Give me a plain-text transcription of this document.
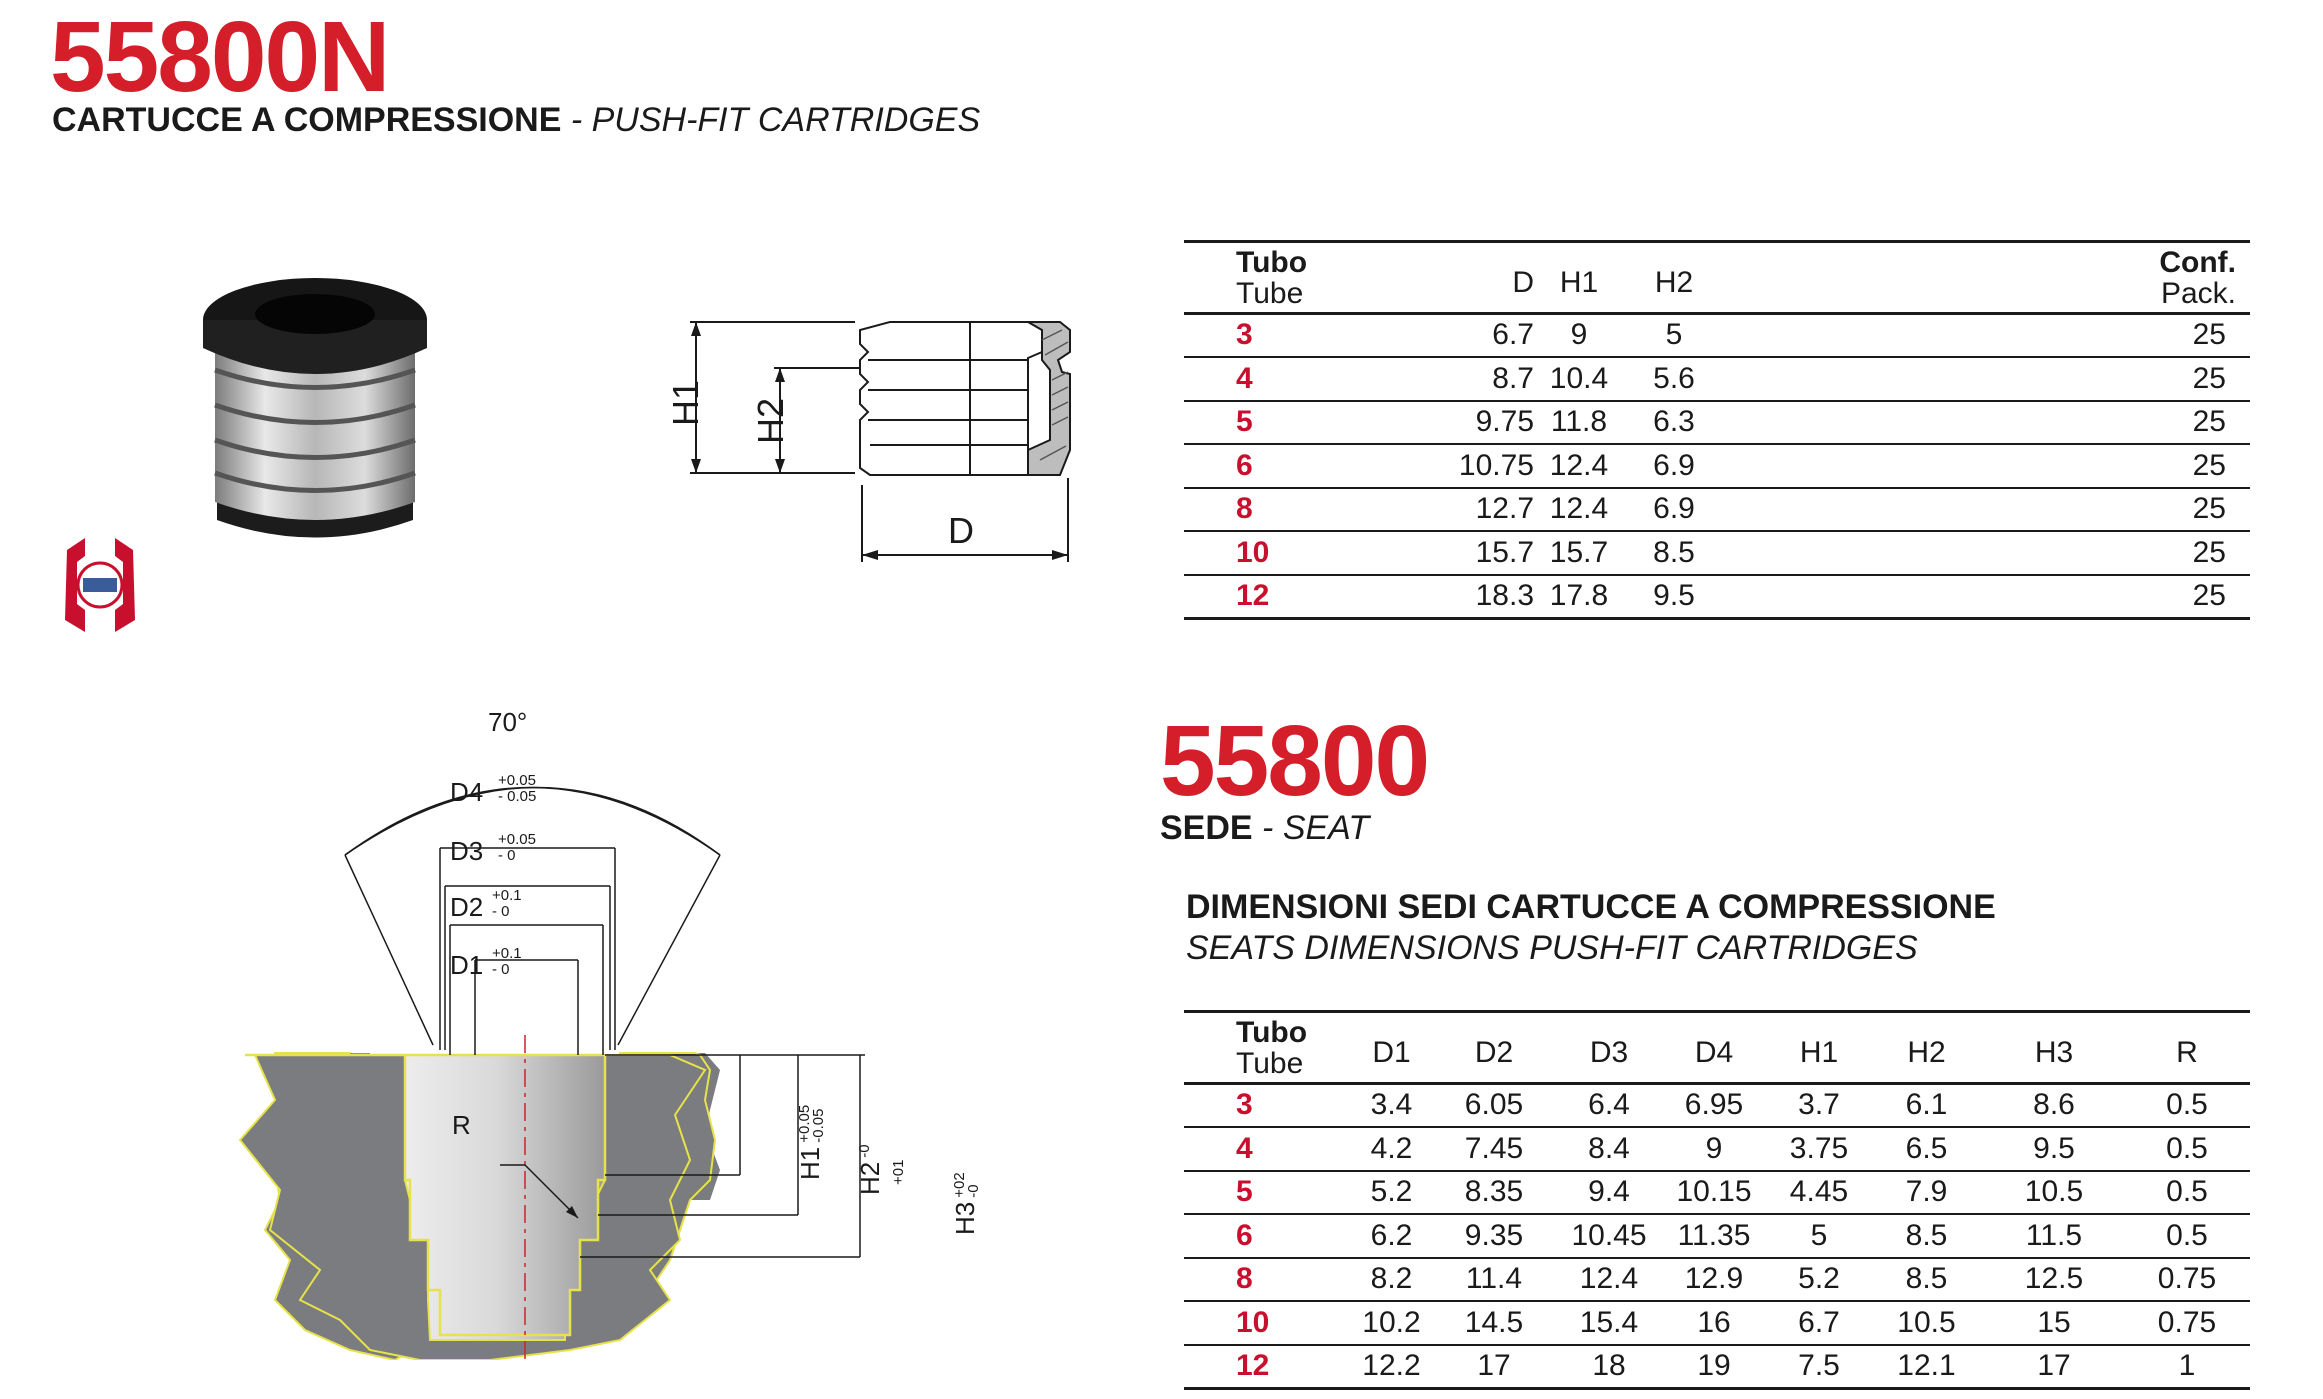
55800N
CARTUCCE A COMPRESSIONE - PUSH-FIT CARTRIDGES
H1 H2
D
Tubo
Tube	D	H1	H2		Conf.
Pack.

3	6.7	9	5		25
4	8.7	10.4	5.6		25
5	9.75	11.8	6.3		25
6	10.75	12.4	6.9		25
8	12.7	12.4	6.9		25
10	15.7	15.7	8.5		25
12	18.3	17.8	9.5		25
70°
D4 +0.05
- 0.05
D3 +0.05
- 0
D2 +0.1
- 0
D1 +0.1
- 0
R
H1
+0.05
-0.05
$H2^{-0}$
+01
H3
+02
-0
55800
SEDE - SEAT
DIMENSIONI SEDI CARTUCCE A COMPRESSIONE
SEATS DIMENSIONS PUSH-FIT CARTRIDGES
Tubo
Tube	D1	D2	D3	D4	H1	H2	H3	R
3	3.4	6.05	6.4	6.95	3.7	6.1	8.6	0.5
4	4.2	7.45	8.4	9	3.75	6.5	9.5	0.5
5	5.2	8.35	9.4	10.15	4.45	7.9	10.5	0.5
6	6.2	9.35	10.45	11.35	5	8.5	11.5	0.5
8	8.2	11.4	12.4	12.9	5.2	8.5	12.5	0.75
10	10.2	14.5	15.4	16	6.7	10.5	15	0.75
12	12.2	17	18	19	7.5	12.1	17	1
